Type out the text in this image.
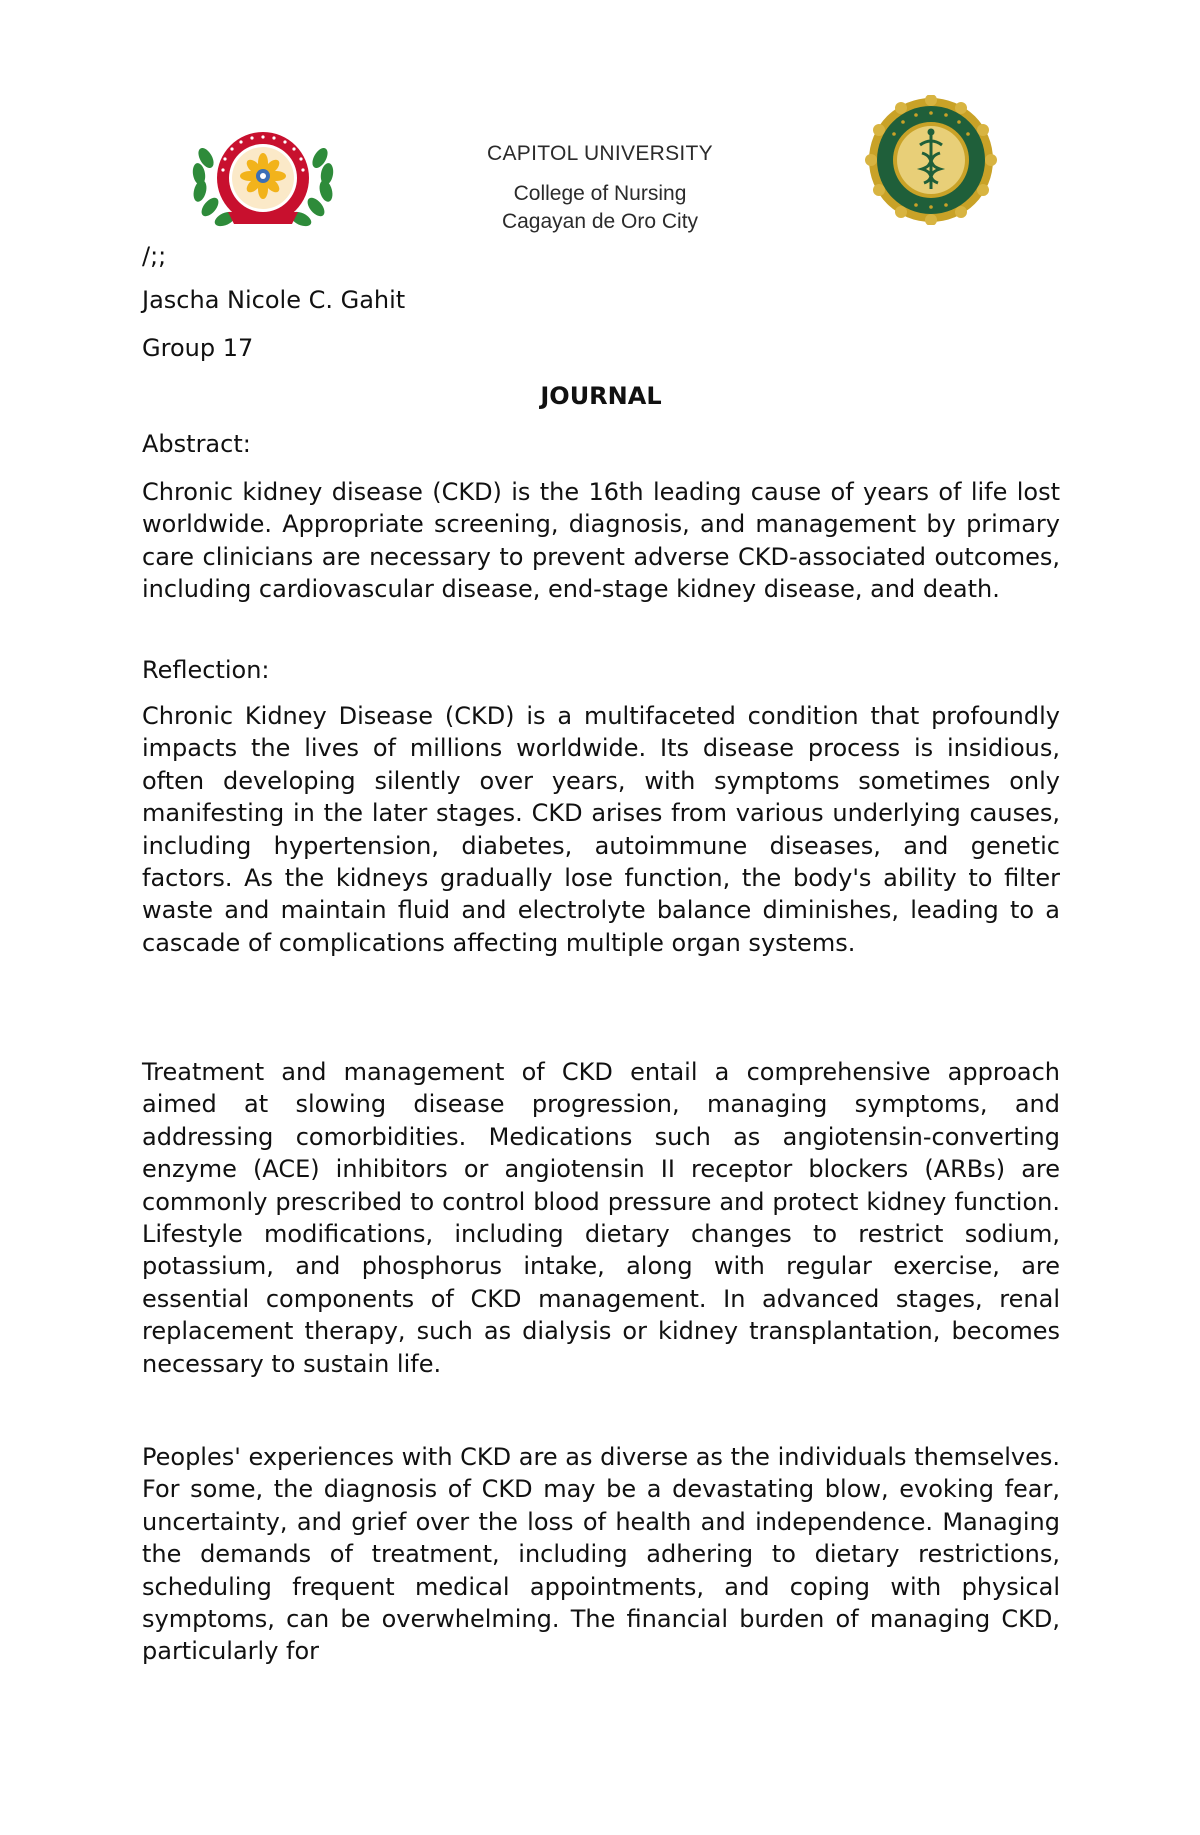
CAPITOL UNIVERSITY
College of Nursing
Cagayan de Oro City
/;;
Jascha Nicole C. Gahit
Group 17
JOURNAL
Abstract:

Chronic kidney disease (CKD) is the 16th leading cause of years of life lost worldwide. Appropriate screening, diagnosis, and management by primary care clinicians are necessary to prevent adverse CKD-associated outcomes, including cardiovascular disease, end-stage kidney disease, and death.

Reflection:

Chronic Kidney Disease (CKD) is a multifaceted condition that profoundly impacts the lives of millions worldwide. Its disease process is insidious, often developing silently over years, with symptoms sometimes only manifesting in the later stages. CKD arises from various underlying causes, including hypertension, diabetes, autoimmune diseases, and genetic factors. As the kidneys gradually lose function, the body's ability to filter waste and maintain fluid and electrolyte balance diminishes, leading to a cascade of complications affecting multiple organ systems.

Treatment and management of CKD entail a comprehensive approach aimed at slowing disease progression, managing symptoms, and addressing comorbidities. Medications such as angiotensin-converting enzyme (ACE) inhibitors or angiotensin II receptor blockers (ARBs) are commonly prescribed to control blood pressure and protect kidney function. Lifestyle modifications, including dietary changes to restrict sodium, potassium, and phosphorus intake, along with regular exercise, are essential components of CKD management. In advanced stages, renal replacement therapy, such as dialysis or kidney transplantation, becomes necessary to sustain life.

Peoples' experiences with CKD are as diverse as the individuals themselves. For some, the diagnosis of CKD may be a devastating blow, evoking fear, uncertainty, and grief over the loss of health and independence. Managing the demands of treatment, including adhering to dietary restrictions, scheduling frequent medical appointments, and coping with physical symptoms, can be overwhelming. The financial burden of managing CKD, particularly for
